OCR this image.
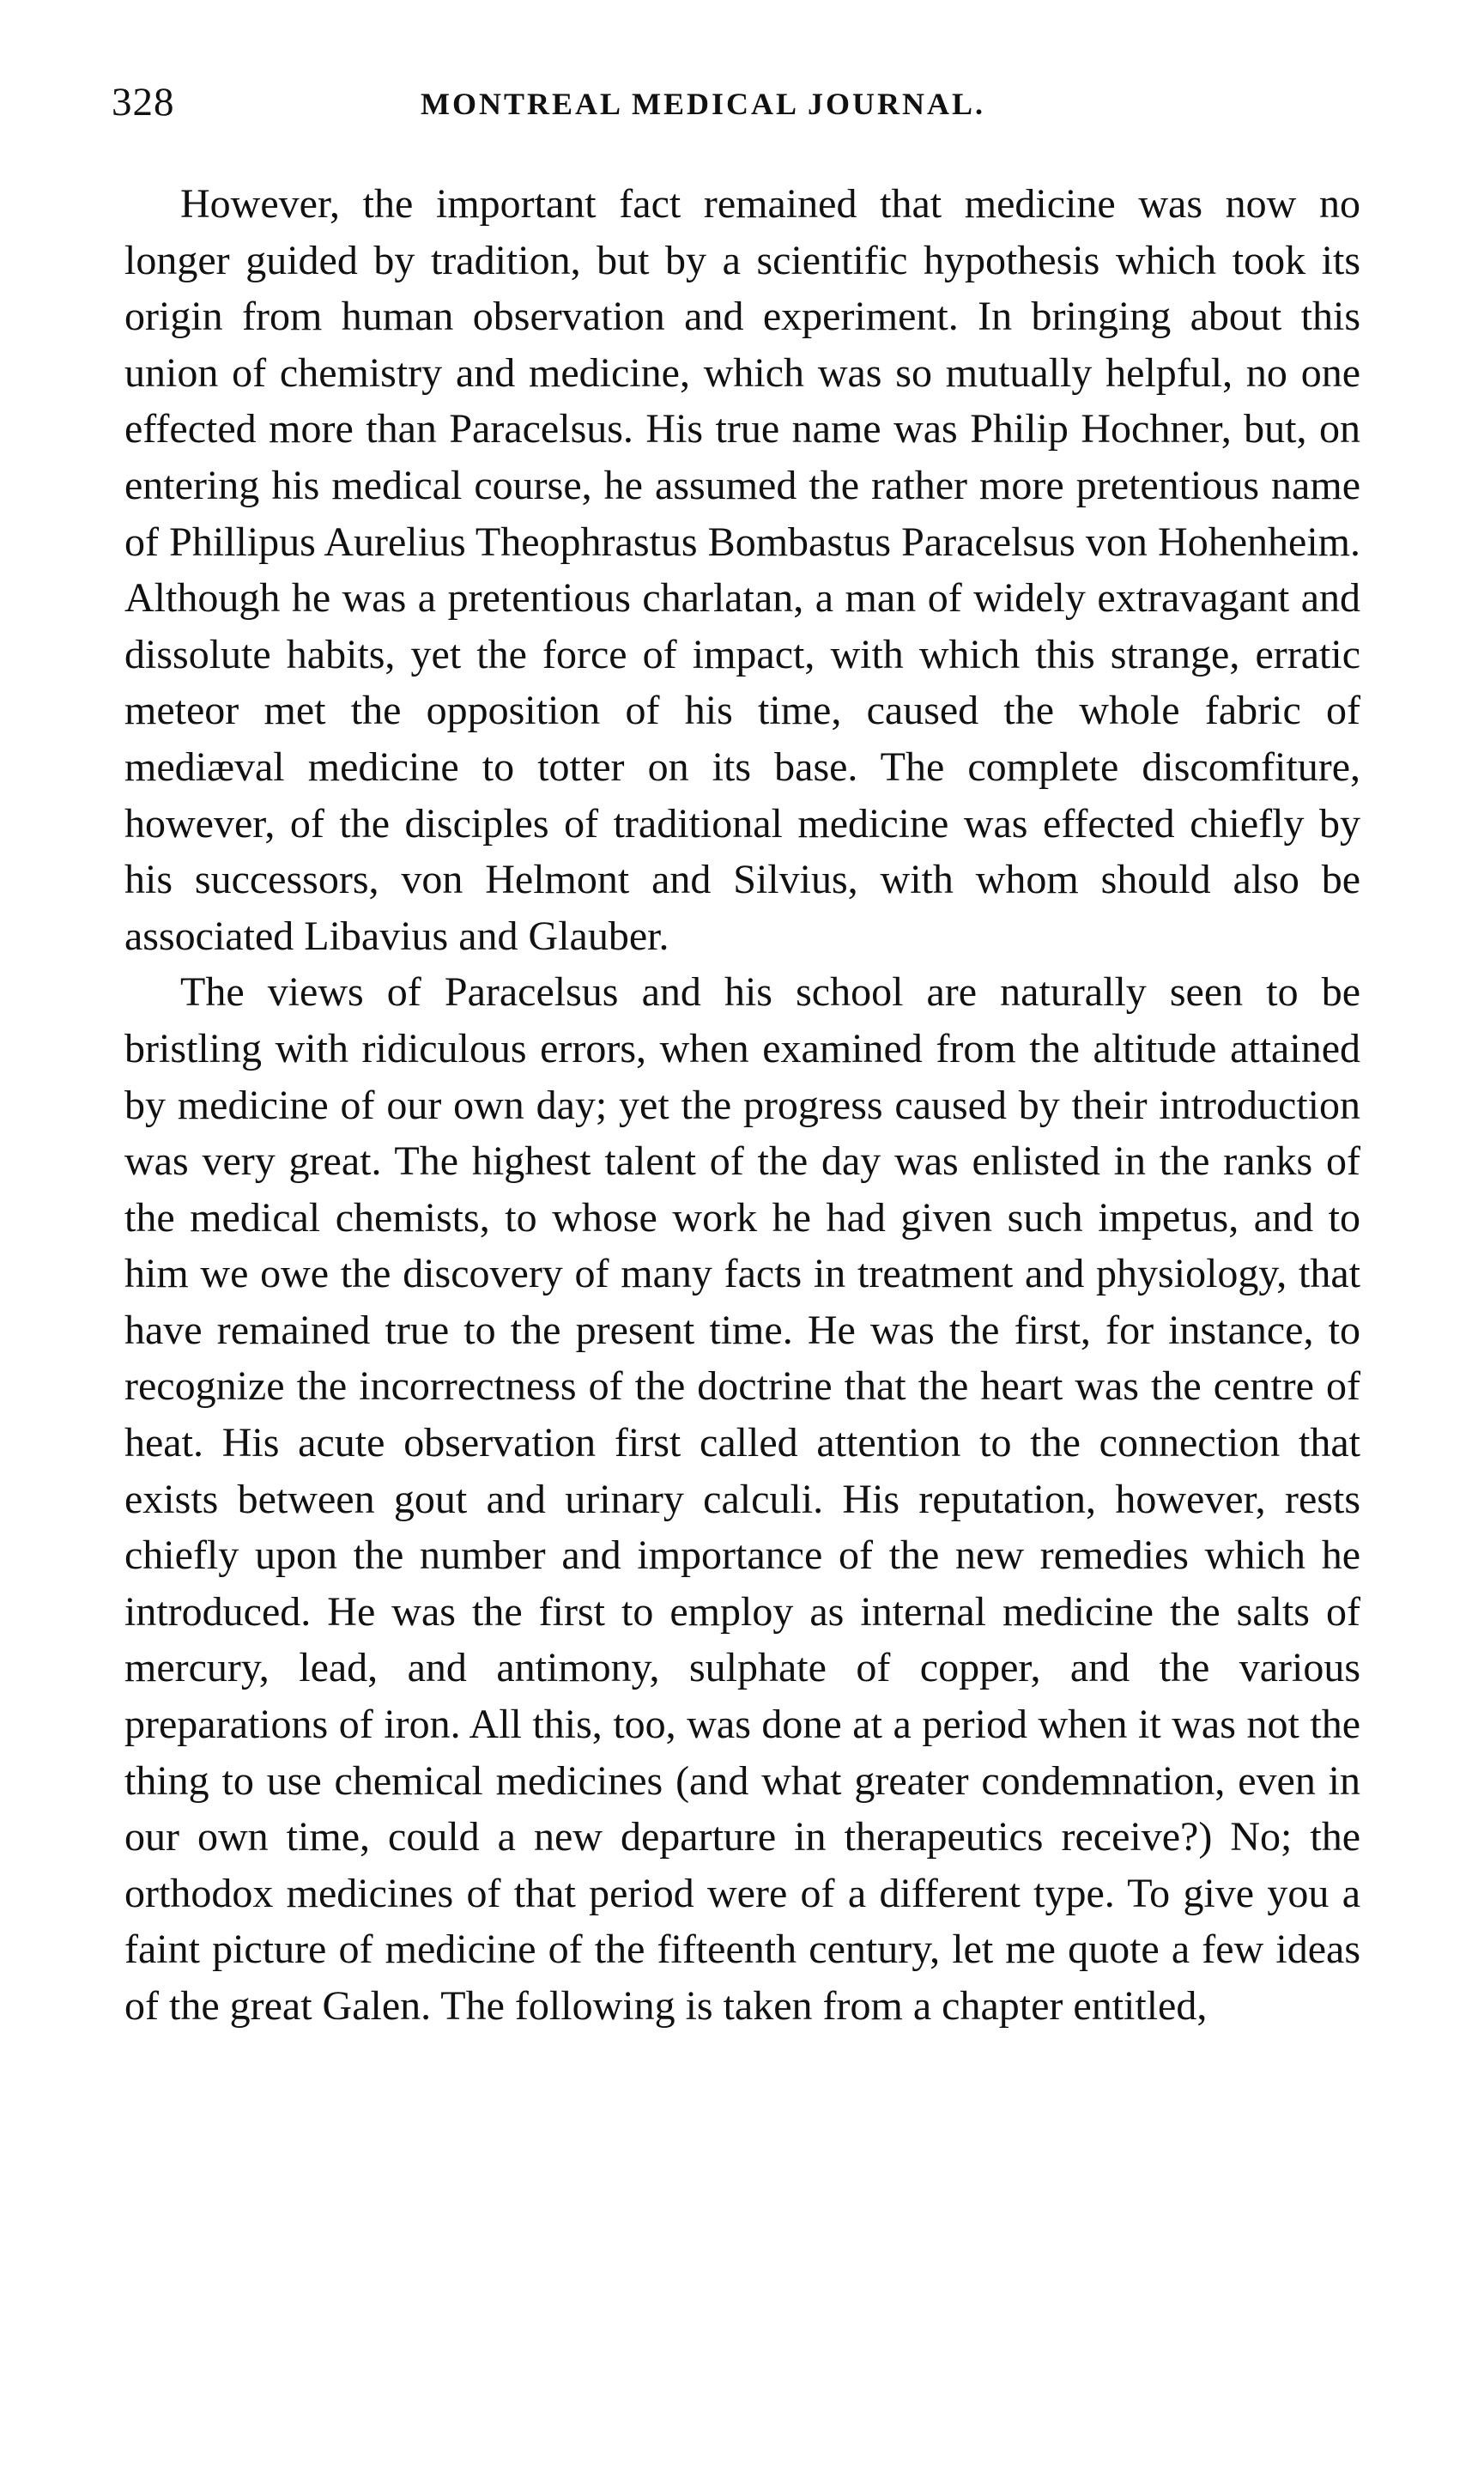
328	MONTREAL MEDICAL JOURNAL.

However, the important fact remained that medicine was now no longer guided by tradition, but by a scientific hypothesis which took its origin from human observation and experiment. In bringing about this union of chemistry and medicine, which was so mutually helpful, no one effected more than Paracelsus. His true name was Philip Hochner, but, on entering his medical course, he assumed the rather more pretentious name of Phillipus Aurelius Theophrastus Bombastus Paracelsus von Hohenheim. Although he was a pretentious charlatan, a man of widely extravagant and dissolute habits, yet the force of impact, with which this strange, erratic meteor met the opposition of his time, caused the whole fabric of mediæval medicine to totter on its base. The complete discomfiture, however, of the disciples of traditional medicine was effected chiefly by his successors, von Helmont and Silvius, with whom should also be associated Libavius and Glauber.

The views of Paracelsus and his school are naturally seen to be bristling with ridiculous errors, when examined from the altitude attained by medicine of our own day; yet the progress caused by their introduction was very great. The highest talent of the day was enlisted in the ranks of the medical chemists, to whose work he had given such impetus, and to him we owe the discovery of many facts in treatment and physiology, that have remained true to the present time. He was the first, for instance, to recognize the incorrectness of the doctrine that the heart was the centre of heat. His acute observation first called attention to the connection that exists between gout and urinary calculi. His reputation, however, rests chiefly upon the number and importance of the new remedies which he introduced. He was the first to employ as internal medicine the salts of mercury, lead, and antimony, sulphate of copper, and the various preparations of iron. All this, too, was done at a period when it was not the thing to use chemical medicines (and what greater condemnation, even in our own time, could a new departure in therapeutics receive?) No; the orthodox medicines of that period were of a different type. To give you a faint picture of medicine of the fifteenth century, let me quote a few ideas of the great Galen. The following is taken from a chapter entitled,
